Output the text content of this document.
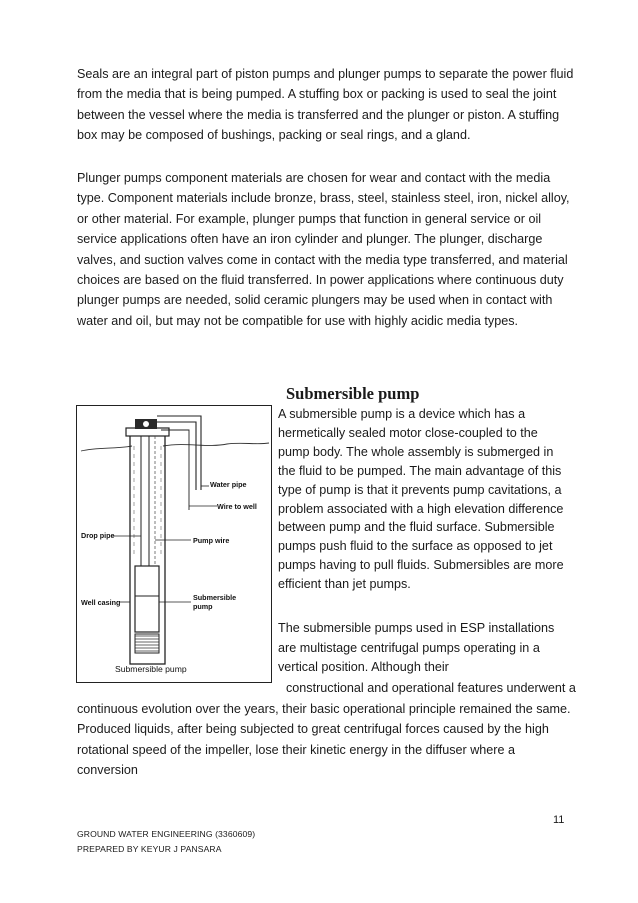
Seals are an integral part of piston pumps and plunger pumps to separate the power fluid from the media that is being pumped. A stuffing box or packing is used to seal the joint between the vessel where the media is transferred and the plunger or piston. A stuffing box may be composed of bushings, packing or seal rings, and a gland.

Plunger pumps component materials are chosen for wear and contact with the media type. Component materials include bronze, brass, steel, stainless steel, iron, nickel alloy, or other material. For example, plunger pumps that function in general service or oil service applications often have an iron cylinder and plunger. The plunger, discharge valves, and suction valves come in contact with the media type transferred, and material choices are based on the fluid transferred. In power applications where continuous duty plunger pumps are needed, solid ceramic plungers may be used when in contact with water and oil, but may not be compatible for use with highly acidic media types.

Submersible pump
Water pipe
Wire to well
Drop pipe
Pump wire
Well casing
Submersible
pump
Submersible pump

A submersible pump is a device which has a hermetically sealed motor close-coupled to the pump body. The whole assembly is submerged in the fluid to be pumped. The main advantage of this type of pump is that it prevents pump cavitations, a problem associated with a high elevation difference between pump and the fluid surface. Submersible pumps push fluid to the surface as opposed to jet pumps having to pull fluids. Submersibles are more efficient than jet pumps.

The submersible pumps used in ESP installations are multistage centrifugal pumps operating in a vertical position. Although their

constructional and operational features underwent a continuous evolution over the years, their basic operational principle remained the same. Produced liquids, after being subjected to great centrifugal forces caused by the high rotational speed of the impeller, lose their kinetic energy in the diffuser where a conversion

11
GROUND WATER ENGINEERING (3360609)
PREPARED BY KEYUR J PANSARA
